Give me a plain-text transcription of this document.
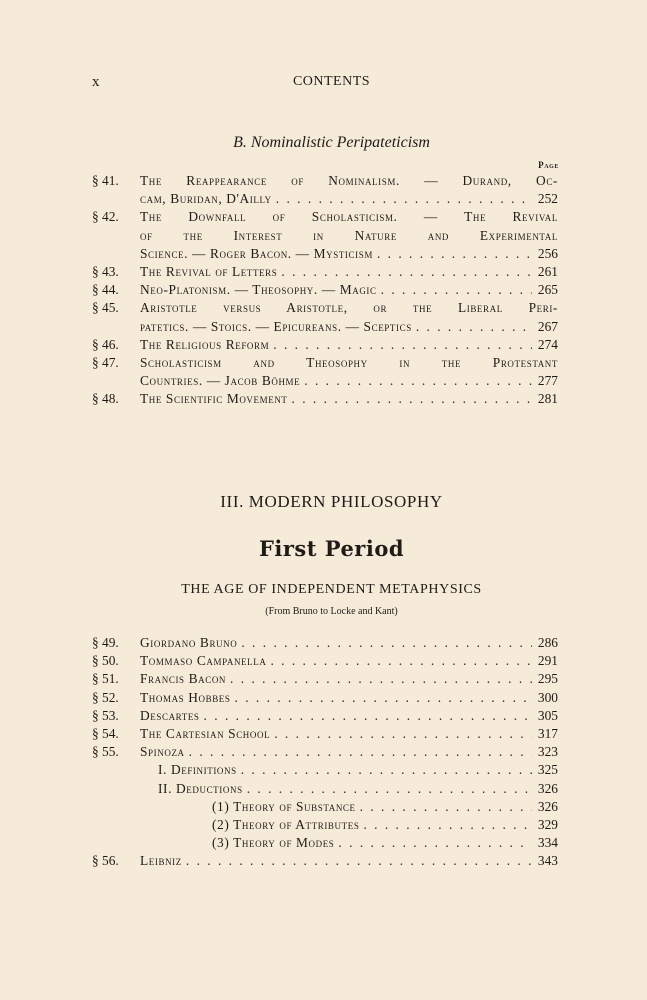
x	CONTENTS
B. Nominalistic Peripateticism
Page
§ 41.	The Reappearance of Nominalism. — Durand, Oc-
cam, Buridan, D'Ailly . . .	252
§ 42.	The Downfall of Scholasticism. — The Revival
of the Interest in Nature and Experimental
Science. — Roger Bacon. — Mysticism . . .	256
§ 43.	The Revival of Letters . . .	261
§ 44.	Neo-Platonism. — Theosophy. — Magic . . .	265
§ 45.	Aristotle versus Aristotle, or the Liberal Peri-
patetics. — Stoics. — Epicureans. — Sceptics . . .	267
§ 46.	The Religious Reform . . .	274
§ 47.	Scholasticism and Theosophy in the Protestant
Countries. — Jacob Böhme . . .	277
§ 48.	The Scientific Movement . . .	281
III. MODERN PHILOSOPHY
First Period
THE AGE OF INDEPENDENT METAPHYSICS
(From Bruno to Locke and Kant)
§ 49.	Giordano Bruno . . .	286
§ 50.	Tommaso Campanella . . .	291
§ 51.	Francis Bacon . . .	295
§ 52.	Thomas Hobbes . . .	300
§ 53.	Descartes . . .	305
§ 54.	The Cartesian School . . .	317
§ 55.	Spinoza . . .	323
I. Definitions . . .	325
II. Deductions . . .	326
(1) Theory of Substance . . .	326
(2) Theory of Attributes . . .	329
(3) Theory of Modes . . .	334
§ 56.	Leibniz . . .	343
